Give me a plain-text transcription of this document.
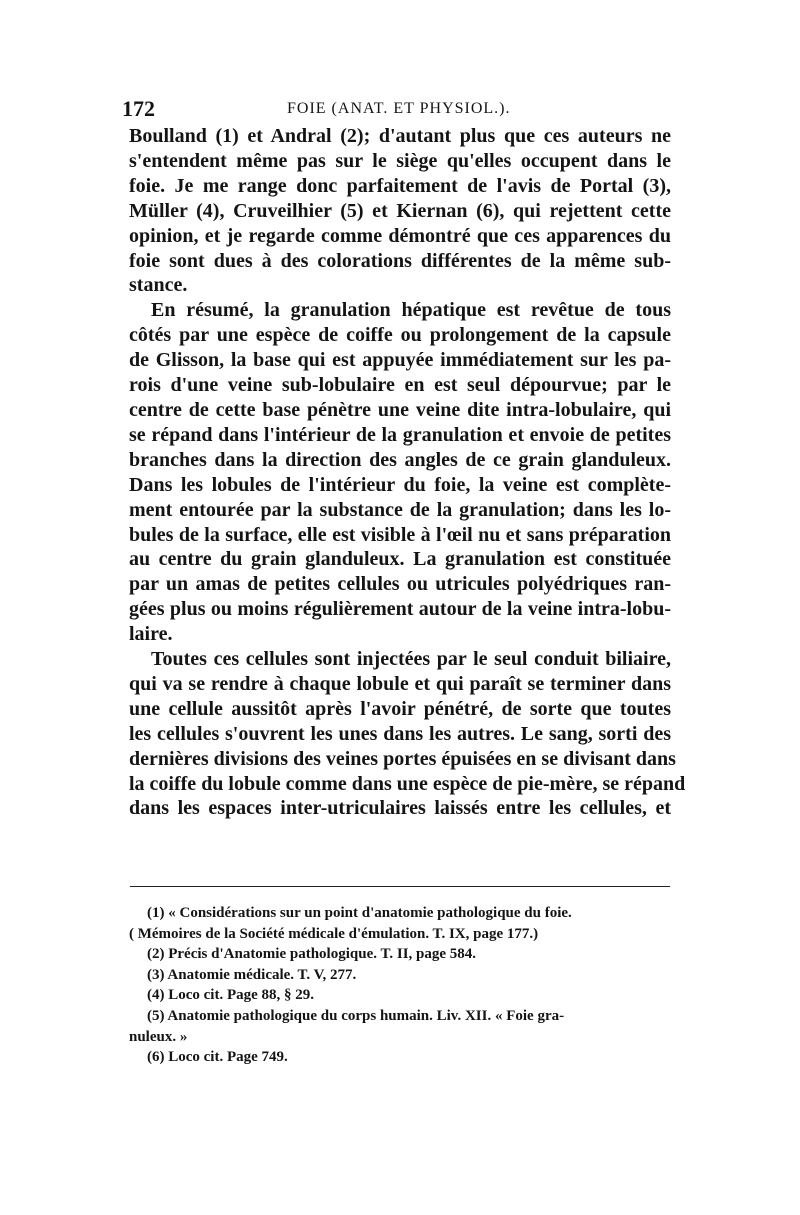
172	FOIE (ANAT. ET PHYSIOL.).
Boulland (1) et Andral (2); d'autant plus que ces auteurs ne
s'entendent même pas sur le siège qu'elles occupent dans le
foie. Je me range donc parfaitement de l'avis de Portal (3),
Müller (4), Cruveilhier (5) et Kiernan (6), qui rejettent cette
opinion, et je regarde comme démontré que ces apparences du
foie sont dues à des colorations différentes de la même sub-
stance.
En résumé, la granulation hépatique est revêtue de tous
côtés par une espèce de coiffe ou prolongement de la capsule
de Glisson, la base qui est appuyée immédiatement sur les pa-
rois d'une veine sub-lobulaire en est seul dépourvue; par le
centre de cette base pénètre une veine dite intra-lobulaire, qui
se répand dans l'intérieur de la granulation et envoie de petites
branches dans la direction des angles de ce grain glanduleux.
Dans les lobules de l'intérieur du foie, la veine est complète-
ment entourée par la substance de la granulation; dans les lo-
bules de la surface, elle est visible à l'œil nu et sans préparation
au centre du grain glanduleux. La granulation est constituée
par un amas de petites cellules ou utricules polyédriques ran-
gées plus ou moins régulièrement autour de la veine intra-lobu-
laire.
Toutes ces cellules sont injectées par le seul conduit biliaire,
qui va se rendre à chaque lobule et qui paraît se terminer dans
une cellule aussitôt après l'avoir pénétré, de sorte que toutes
les cellules s'ouvrent les unes dans les autres. Le sang, sorti des
dernières divisions des veines portes épuisées en se divisant dans
la coiffe du lobule comme dans une espèce de pie-mère, se répand
dans les espaces inter-utriculaires laissés entre les cellules, et
(1) « Considérations sur un point d'anatomie pathologique du foie.
( Mémoires de la Société médicale d'émulation. T. IX, page 177.)
(2) Précis d'Anatomie pathologique. T. II, page 584.
(3) Anatomie médicale. T. V, 277.
(4) Loco cit. Page 88, § 29.
(5) Anatomie pathologique du corps humain. Liv. XII. « Foie gra-
nuleux. »
(6) Loco cit. Page 749.
